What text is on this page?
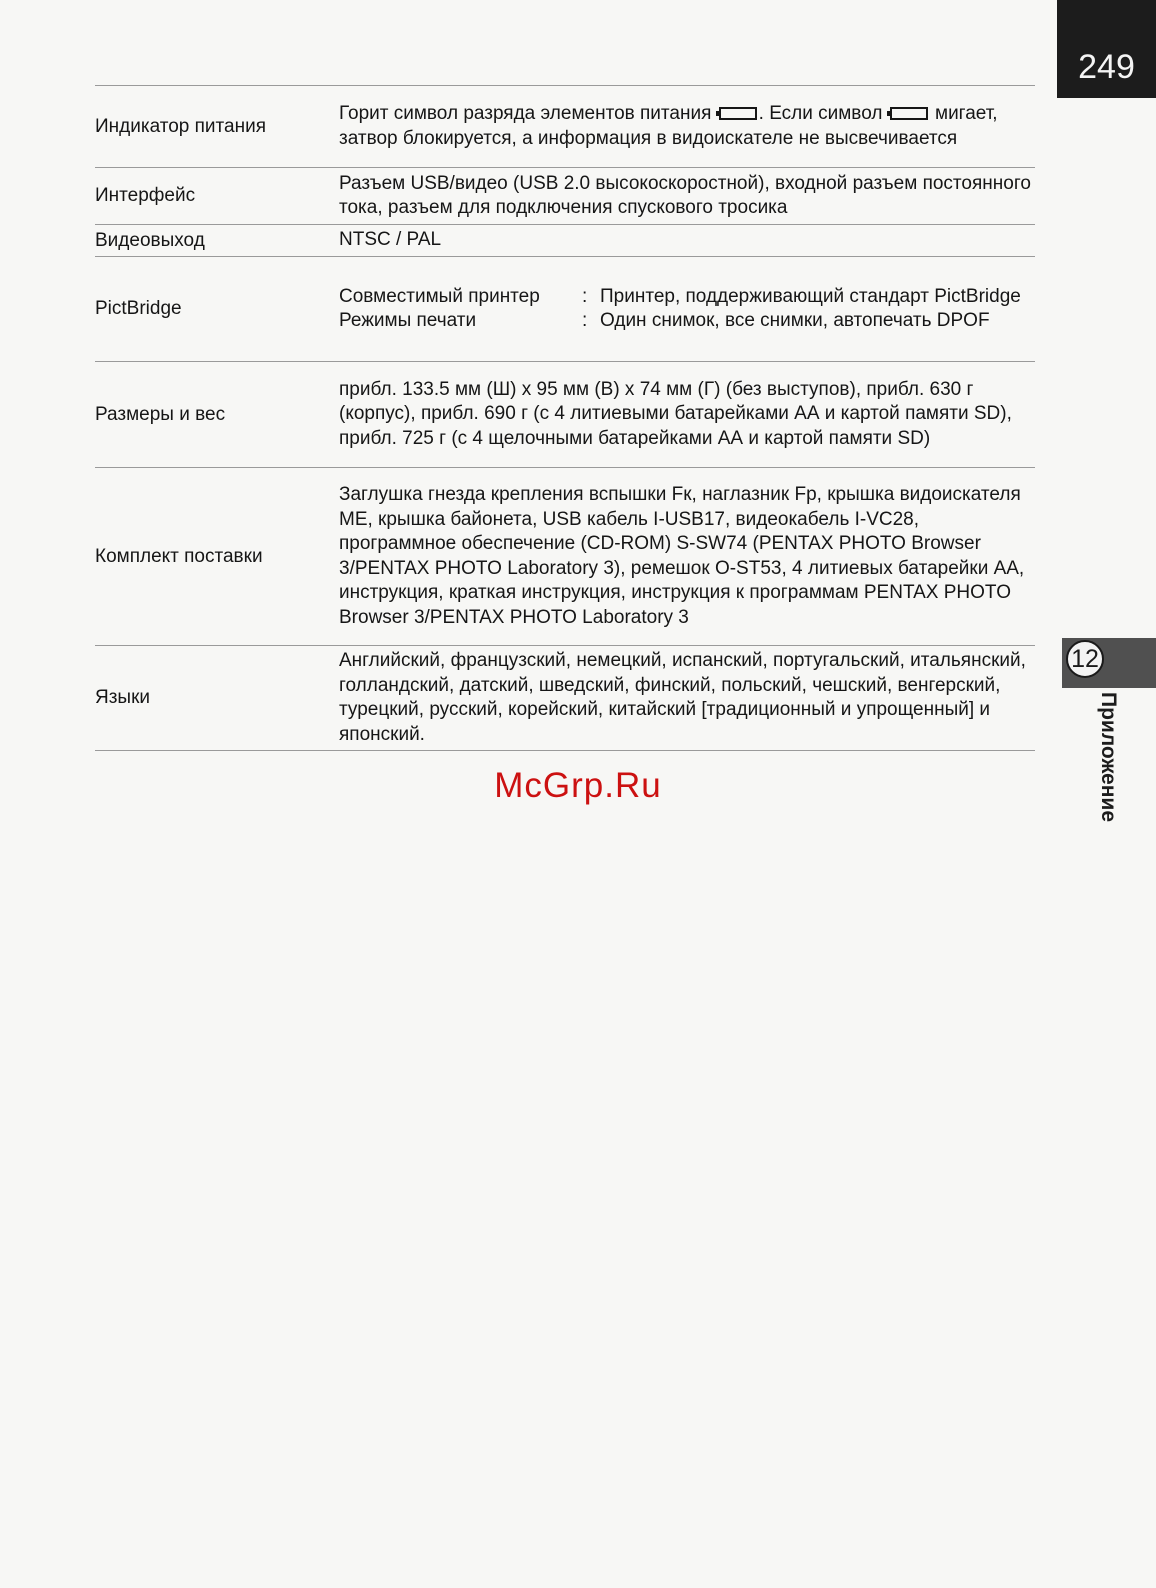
249
12
Приложение
Индикатор питания
Горит символ разряда элементов питания . Если символ	мигает, затвор блокируется, а информация в видоискателе не высвечивается
Интерфейс
Разъем USB/видео (USB 2.0 высокоскоростной), входной разъем постоянного тока, разъем для подключения спускового тросика
Видеовыход	NTSC / PAL
PictBridge
Совместимый принтер	: Принтер, поддерживающий стандарт PictBridge
Режимы печати	: Один снимок, все снимки, автопечать DPOF
Размеры и вес
прибл. 133.5 мм (Ш) x 95 мм (В) x 74 мм (Г) (без выступов), прибл. 630 г (корпус), прибл. 690 г (с 4 литиевыми батарейками АА и картой памяти SD), прибл. 725 г (с 4 щелочными батарейками АА и картой памяти SD)
Комплект поставки
Заглушка гнезда крепления вспышки Fк, наглазник Fр, крышка видоискателя МЕ, крышка байонета, USB кабель I-USB17, видеокабель I-VC28, программное обеспечение (CD-ROM) S-SW74 (PENTAX PHOTO Browser 3/PENTAX PHOTO Laboratory 3), ремешок O-ST53, 4 литиевых батарейки АА, инструкция, краткая инструкция, инструкция к программам PENTAX PHOTO Browser 3/PENTAX PHOTO Laboratory 3
Языки
Английский, французский, немецкий, испанский, португальский, итальянский, голландский, датский, шведский, финский, польский, чешский, венгерский, турецкий, русский, корейский, китайский [традиционный и упрощенный] и японский.
McGrp.Ru
